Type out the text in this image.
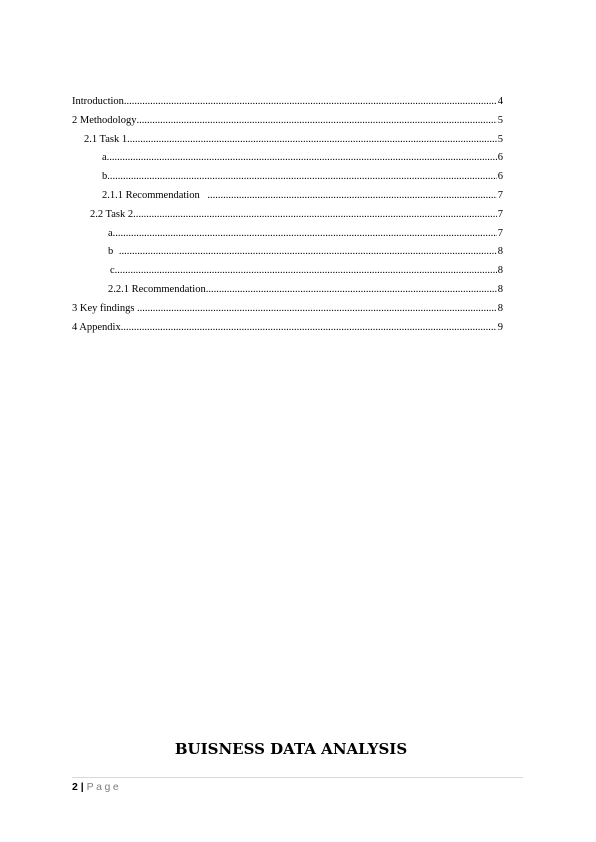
Introduction .....	4
2 Methodology .....	5
2.1 Task 1 .....	5
a. .....	6
b. .....	6
2.1.1 Recommendation .....	7
2.2 Task 2 .....	7
a. .....	7
b .....	8
c. .....	8
2.2.1 Recommendation .....	8
3 Key findings .....	8
4 Appendix .....	9
BUISNESS DATA ANALYSIS
2 | Page
